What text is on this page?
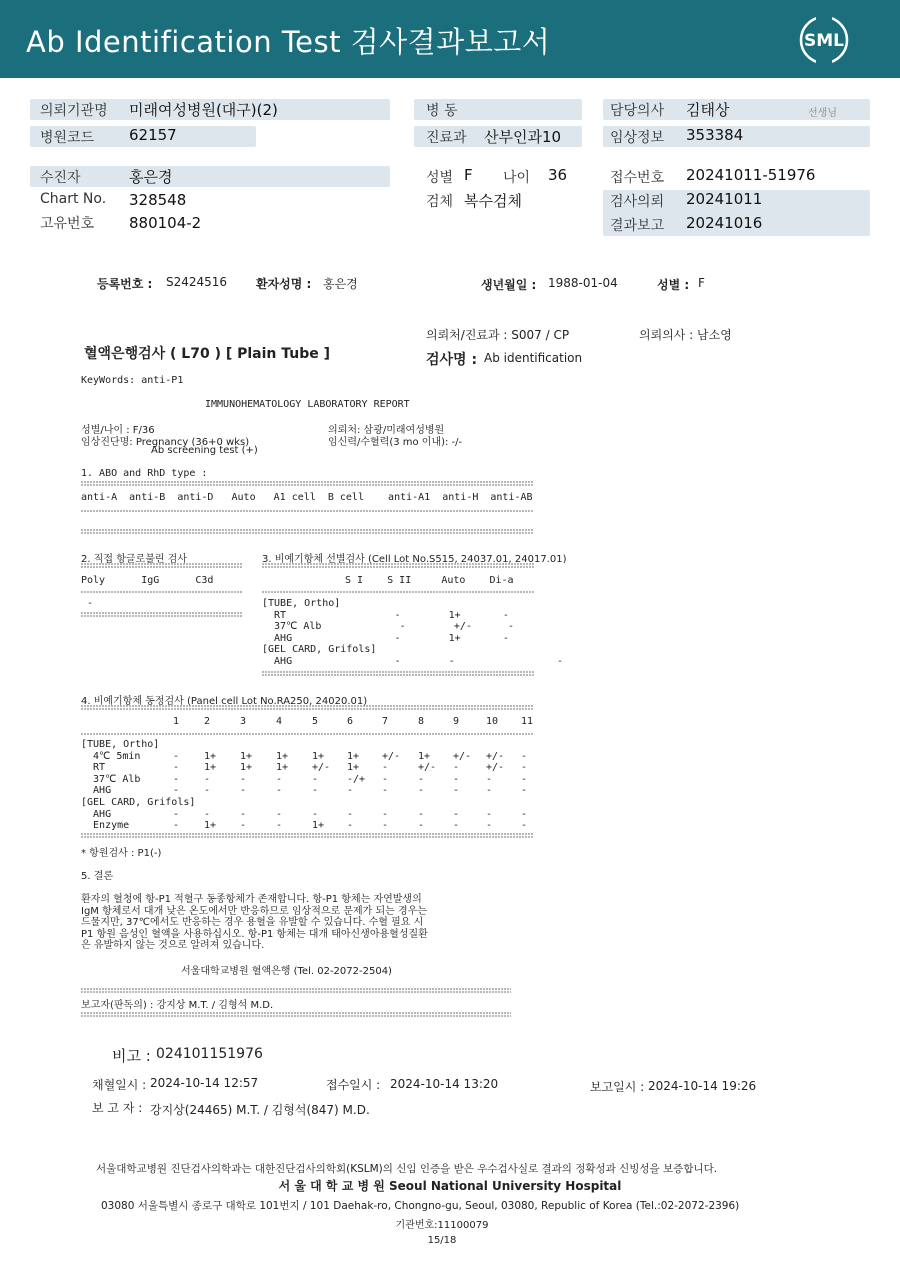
Ab Identification Test 검사결과보고서	SML
의뢰기관명 미래여성병원(대구)(2)
병원코드 62157
병 동
진료과 산부인과10
담당의사 김태상	선생님
임상정보 353384
수진자	홍은경
Chart No. 328548
고유번호 880104-2
성별 F 나이 36
검체 복수검체
접수번호 20241011-51976
검사의뢰 20241011
결과보고 20241016
등록번호 : S2424516 환자성명 : 홍은경	생년월일 : 1988-01-04	성별 : F
의뢰처/진료과 : S007 / CP	의뢰의사 : 남소영
혈액은행검사 ( L70 ) [ Plain Tube ]	검사명 : Ab identification
KeyWords: anti-P1
IMMUNOHEMATOLOGY LABORATORY REPORT
성별/나이 : F/36
임상진단명: Pregnancy (36+0 wks)
Ab screening test (+)
의뢰처: 삼광/미래여성병원
임신력/수혈력(3 mo 이내): -/-
1. ABO and RhD type :
anti-A  anti-B  anti-D   Auto   A1 cell  B cell    anti-A1  anti-H  anti-AB
2. 직접 항글로불린 검사	3. 비예기항체 선별검사 (Cell Lot No.S515, 24037.01, 24017.01)
Poly      IgG      C3d	S I    S II     Auto    Di-a
-	[TUBE, Ortho]
RT                  -        1+       -
37℃ Alb             -        +/-      -
AHG                 -        1+       -
[GEL CARD, Grifols]
AHG                 -        -                 -
4. 비예기항체 동정검사 (Panel cell Lot No.RA250, 24020.01)
1 2	3	4	5	6	7	8	9	10 11
[TUBE, Ortho]
4℃ 5min	- 1+ 1+ 1+ 1+ 1+ +/- 1+ +/- +/- -
RT	- 1+ 1+ 1+ +/- 1+ -	+/- -	+/- -
37℃ Alb	- -	-	-	-	-/+ -	-	-	-	-
AHG	- -	-	-	-	-	-	-	-	-	-
[GEL CARD, Grifols]
AHG	- -	-	-	-	-	-	-	-	-	-
Enzyme	- 1+ -	-	1+ -	-	-	-	-	-
* 항원검사 : P1(-)
5. 결론
환자의 혈청에 항-P1 적혈구 동종항체가 존재합니다. 항-P1 항체는 자연발생의
IgM 항체로서 대개 낮은 온도에서만 반응하므로 임상적으로 문제가 되는 경우는
드물지만, 37℃에서도 반응하는 경우 용혈을 유발할 수 있습니다. 수혈 필요 시
P1 항원 음성인 혈액을 사용하십시오. 항-P1 항체는 대개 태아신생아용혈성질환
은 유발하지 않는 것으로 알려져 있습니다.
서울대학교병원 혈액은행 (Tel. 02-2072-2504)
보고자(판독의) : 강지상 M.T. / 김형석 M.D.
비고 : 024101151976
채혈일시 : 2024-10-14 12:57	접수일시 : 2024-10-14 13:20	보고일시 : 2024-10-14 19:26
보 고 자 : 강지상(24465) M.T. / 김형석(847) M.D.
서울대학교병원 진단검사의학과는 대한진단검사의학회(KSLM)의 신임 인증을 받은 우수검사실로 결과의 정확성과 신빙성을 보증합니다.
서 울 대 학 교 병 원 Seoul National University Hospital
03080 서울특별시 종로구 대학로 101번지 / 101 Daehak-ro, Chongno-gu, Seoul, 03080, Republic of Korea (Tel.:02-2072-2396)
기관번호:11100079
15/18
